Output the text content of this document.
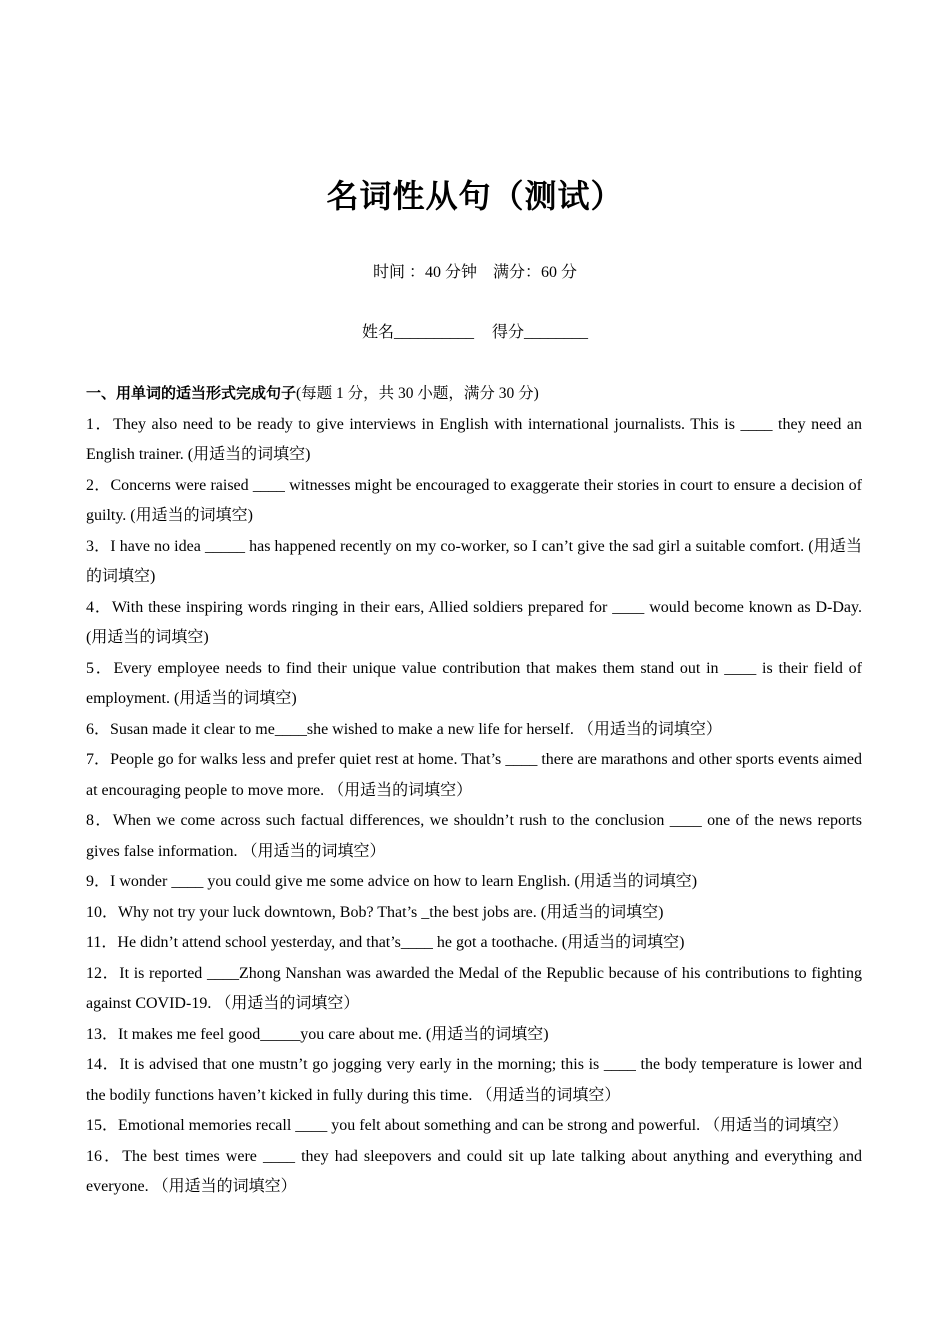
名词性从句（测试）
时间 ：40 分钟 满分：60 分
姓名__________ 得分________

一、用单词的适当形式完成句子(每题 1 分，共 30 小题，满分 30 分)

1．They also need to be ready to give interviews in English with international journalists. This is ____ they need an English trainer. (用适当的词填空)

2．Concerns were raised ____ witnesses might be encouraged to exaggerate their stories in court to ensure a decision of guilty. (用适当的词填空)

3．I have no idea _____ has happened recently on my co-worker, so I can’t give the sad girl a suitable comfort. (用适当的词填空)

4．With these inspiring words ringing in their ears, Allied soldiers prepared for ____ would become known as D-Day. (用适当的词填空)

5．Every employee needs to find their unique value contribution that makes them stand out in ____ is their field of employment. (用适当的词填空)

6．Susan made it clear to me____she wished to make a new life for herself. （用适当的词填空）

7．People go for walks less and prefer quiet rest at home. That’s ____ there are marathons and other sports events aimed at encouraging people to move more. （用适当的词填空）

8．When we come across such factual differences, we shouldn’t rush to the conclusion ____ one of the news reports gives false information. （用适当的词填空）

9．I wonder ____ you could give me some advice on how to learn English. (用适当的词填空)

10．Why not try your luck downtown, Bob? That’s _the best jobs are. (用适当的词填空)

11．He didn’t attend school yesterday, and that’s____ he got a toothache. (用适当的词填空)

12．It is reported ____Zhong Nanshan was awarded the Medal of the Republic because of his contributions to fighting against COVID-19. （用适当的词填空）

13．It makes me feel good_____you care about me. (用适当的词填空)

14．It is advised that one mustn’t go jogging very early in the morning; this is ____ the body temperature is lower and the bodily functions haven’t kicked in fully during this time. （用适当的词填空）

15．Emotional memories recall ____ you felt about something and can be strong and powerful. （用适当的词填空）

16．The best times were ____ they had sleepovers and could sit up late talking about anything and everything and everyone. （用适当的词填空）
